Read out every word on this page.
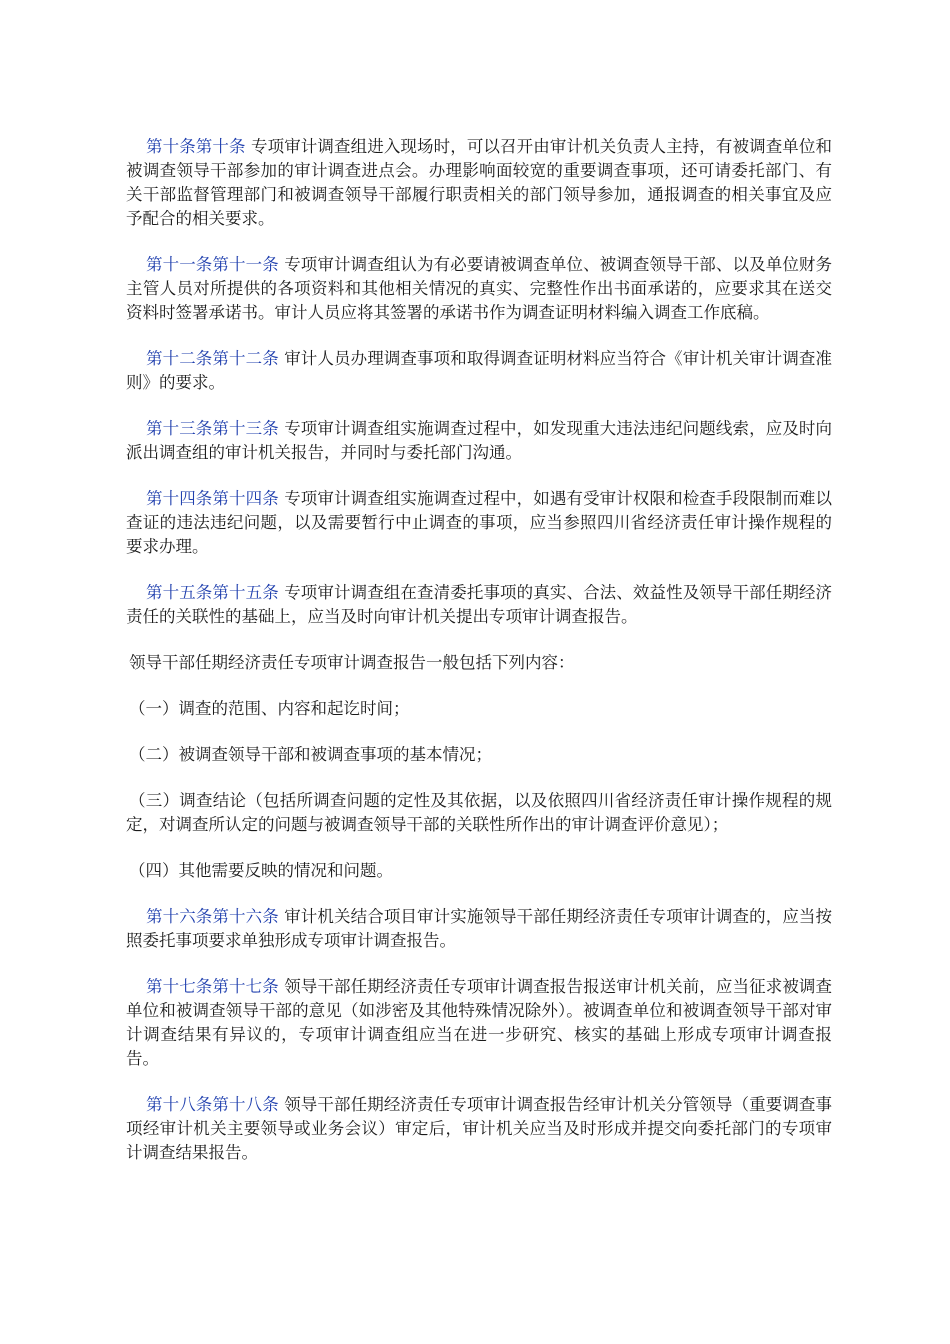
第十条第十条 专项审计调查组进入现场时，可以召开由审计机关负责人主持，有被调查单位和被调查领导干部参加的审计调查进点会。办理影响面较宽的重要调查事项，还可请委托部门、有关干部监督管理部门和被调查领导干部履行职责相关的部门领导参加，通报调查的相关事宜及应予配合的相关要求。

第十一条第十一条 专项审计调查组认为有必要请被调查单位、被调查领导干部、以及单位财务主管人员对所提供的各项资料和其他相关情况的真实、完整性作出书面承诺的，应要求其在送交资料时签署承诺书。审计人员应将其签署的承诺书作为调查证明材料编入调查工作底稿。

第十二条第十二条 审计人员办理调查事项和取得调查证明材料应当符合《审计机关审计调查准则》的要求。

第十三条第十三条 专项审计调查组实施调查过程中，如发现重大违法违纪问题线索，应及时向派出调查组的审计机关报告，并同时与委托部门沟通。

第十四条第十四条 专项审计调查组实施调查过程中，如遇有受审计权限和检查手段限制而难以查证的违法违纪问题，以及需要暂行中止调查的事项，应当参照四川省经济责任审计操作规程的要求办理。

第十五条第十五条 专项审计调查组在查清委托事项的真实、合法、效益性及领导干部任期经济责任的关联性的基础上，应当及时向审计机关提出专项审计调查报告。

领导干部任期经济责任专项审计调查报告一般包括下列内容：

（一）调查的范围、内容和起讫时间；

（二）被调查领导干部和被调查事项的基本情况；

（三）调查结论（包括所调查问题的定性及其依据，以及依照四川省经济责任审计操作规程的规定，对调查所认定的问题与被调查领导干部的关联性所作出的审计调查评价意见）；

（四）其他需要反映的情况和问题。

第十六条第十六条 审计机关结合项目审计实施领导干部任期经济责任专项审计调查的，应当按照委托事项要求单独形成专项审计调查报告。

第十七条第十七条 领导干部任期经济责任专项审计调查报告报送审计机关前，应当征求被调查单位和被调查领导干部的意见（如涉密及其他特殊情况除外）。被调查单位和被调查领导干部对审计调查结果有异议的，专项审计调查组应当在进一步研究、核实的基础上形成专项审计调查报告。

第十八条第十八条 领导干部任期经济责任专项审计调查报告经审计机关分管领导（重要调查事项经审计机关主要领导或业务会议）审定后，审计机关应当及时形成并提交向委托部门的专项审计调查结果报告。
